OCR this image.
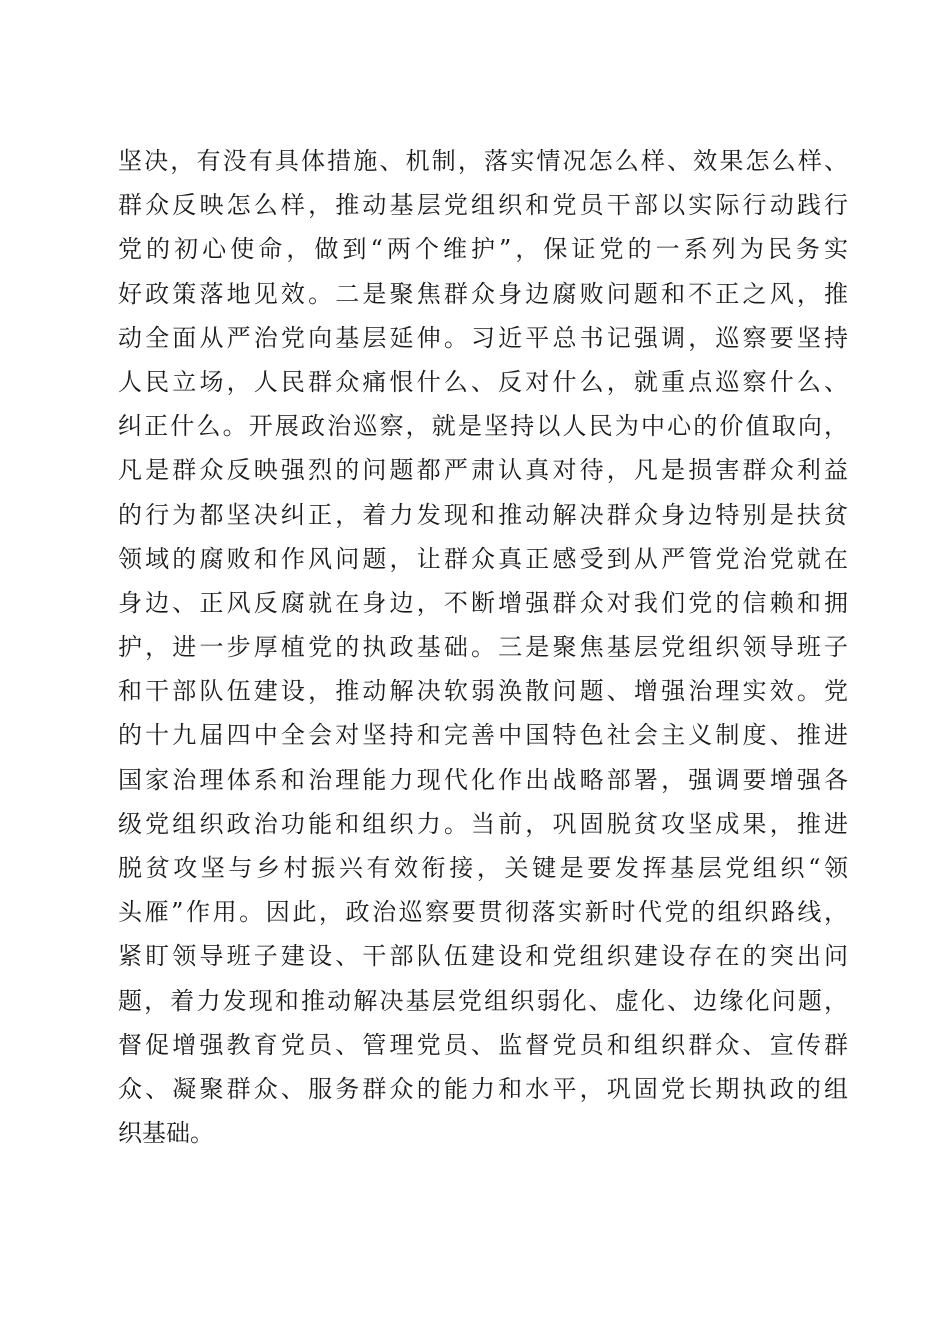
坚决，有没有具体措施、机制，落实情况怎么样、效果怎么样、
群众反映怎么样，推动基层党组织和党员干部以实际行动践行
党的初心使命，做到“两个维护”，保证党的一系列为民务实
好政策落地见效。二是聚焦群众身边腐败问题和不正之风，推
动全面从严治党向基层延伸。习近平总书记强调，巡察要坚持
人民立场，人民群众痛恨什么、反对什么，就重点巡察什么、
纠正什么。开展政治巡察，就是坚持以人民为中心的价值取向，
凡是群众反映强烈的问题都严肃认真对待，凡是损害群众利益
的行为都坚决纠正，着力发现和推动解决群众身边特别是扶贫
领域的腐败和作风问题，让群众真正感受到从严管党治党就在
身边、正风反腐就在身边，不断增强群众对我们党的信赖和拥
护，进一步厚植党的执政基础。三是聚焦基层党组织领导班子
和干部队伍建设，推动解决软弱涣散问题、增强治理实效。党
的十九届四中全会对坚持和完善中国特色社会主义制度、推进
国家治理体系和治理能力现代化作出战略部署，强调要增强各
级党组织政治功能和组织力。当前，巩固脱贫攻坚成果，推进
脱贫攻坚与乡村振兴有效衔接，关键是要发挥基层党组织“领
头雁”作用。因此，政治巡察要贯彻落实新时代党的组织路线，
紧盯领导班子建设、干部队伍建设和党组织建设存在的突出问
题，着力发现和推动解决基层党组织弱化、虚化、边缘化问题，
督促增强教育党员、管理党员、监督党员和组织群众、宣传群
众、凝聚群众、服务群众的能力和水平，巩固党长期执政的组
织基础。
